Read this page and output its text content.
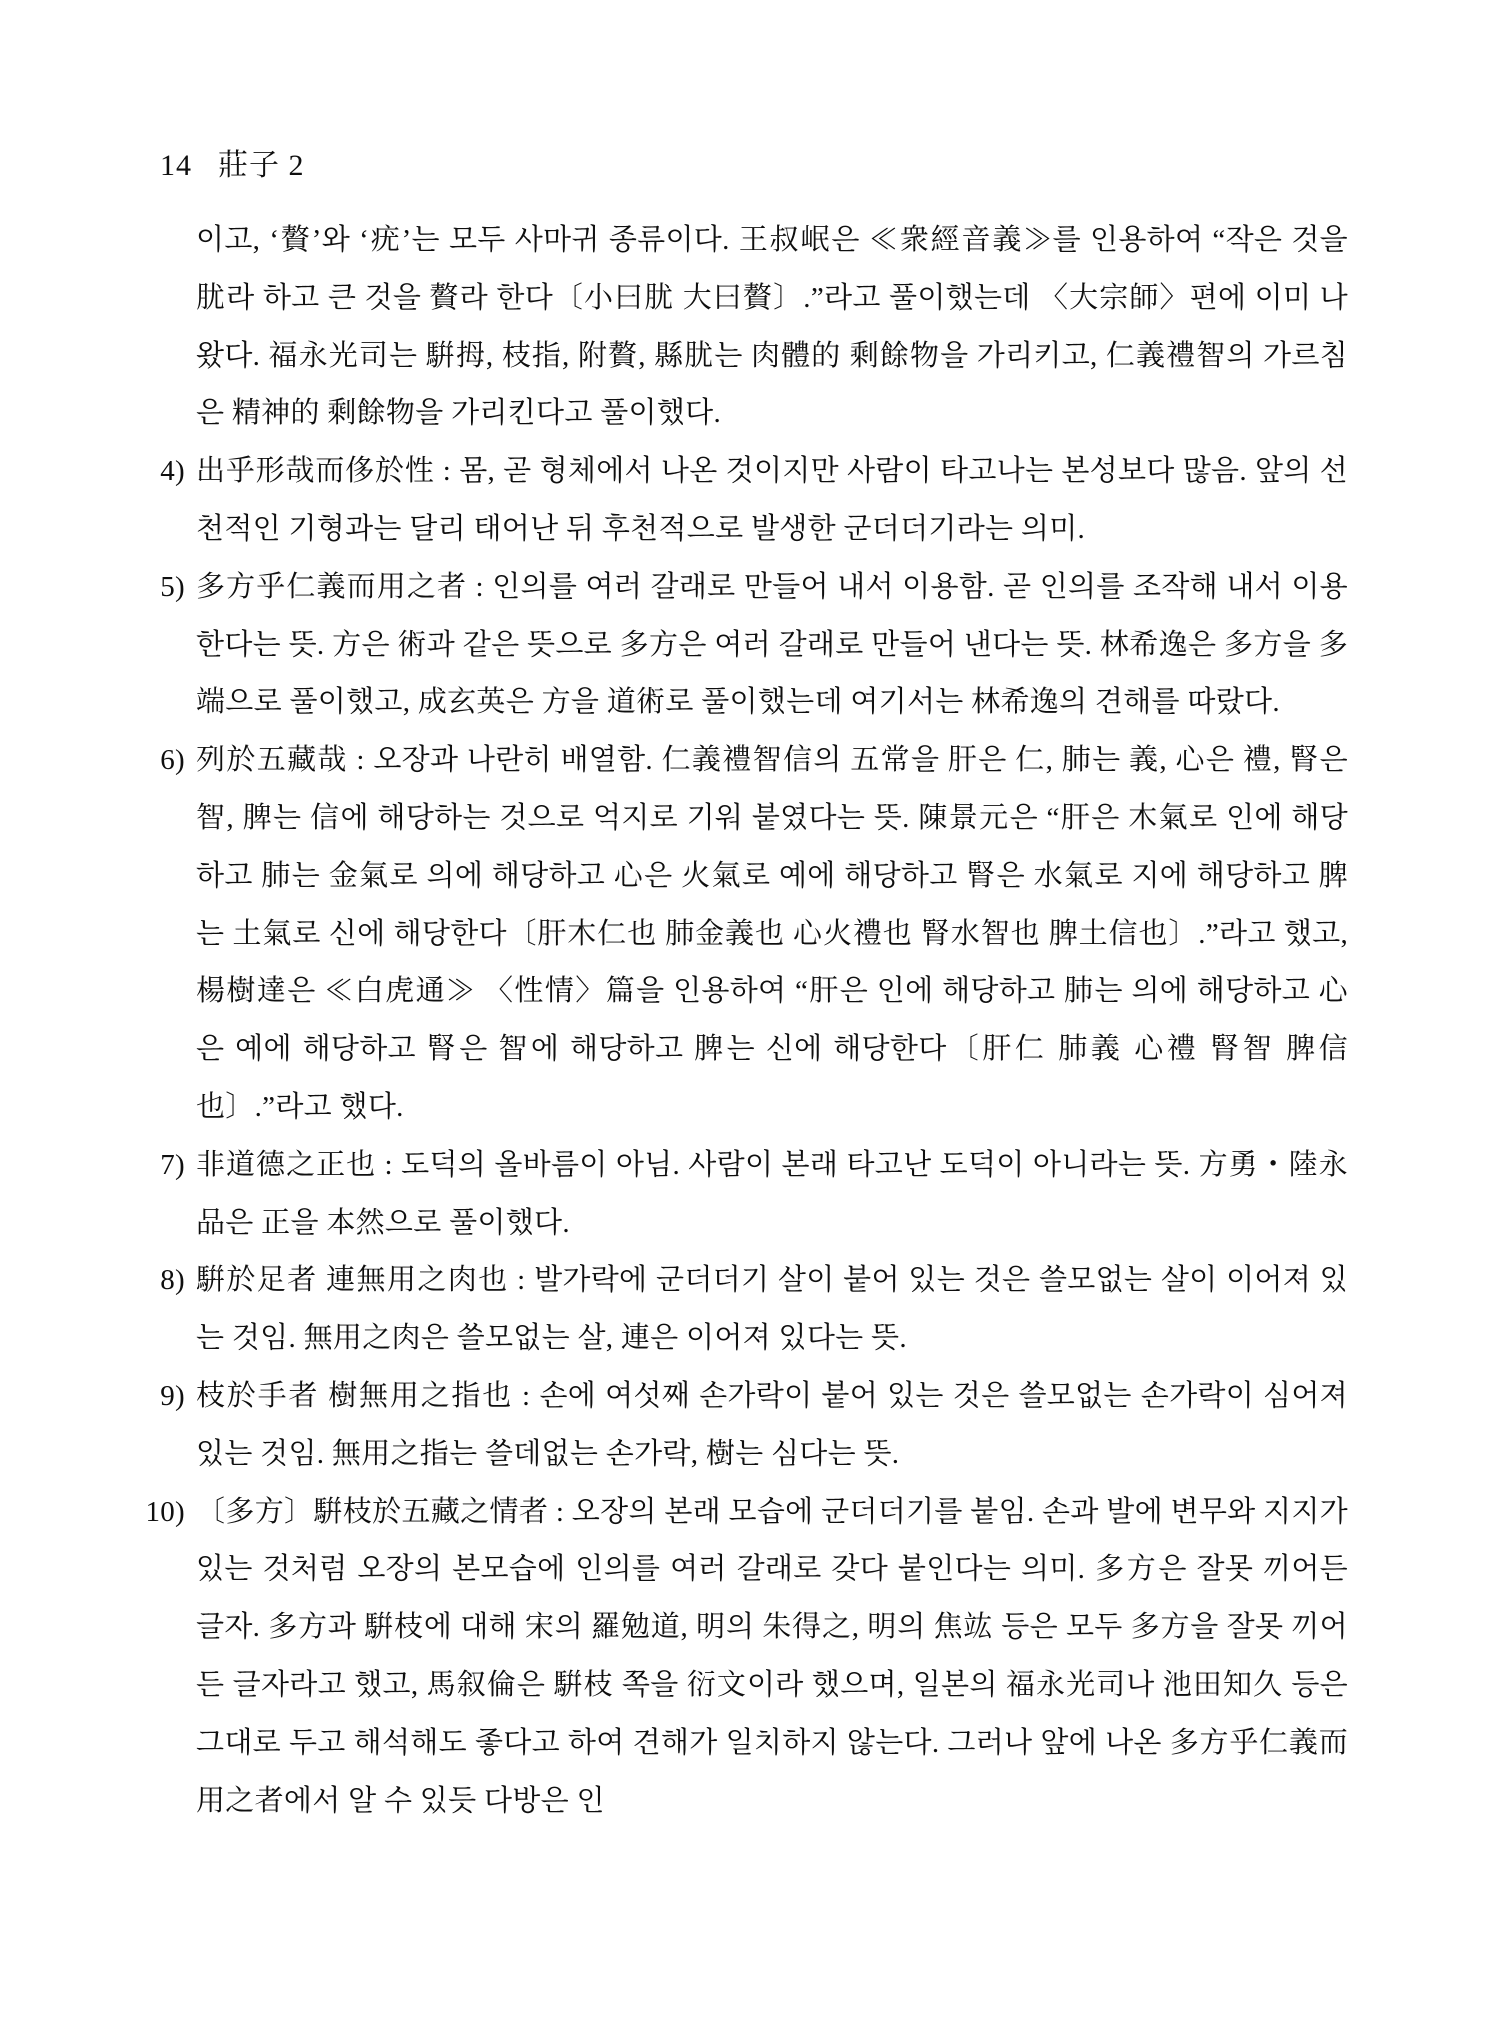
14 莊子 2
이고, ‘贅’와 ‘疣’는 모두 사마귀 종류이다. 王叔岷은 ≪衆經音義≫를 인용하여 “작은 것을 肬라 하고 큰 것을 贅라 한다〔小曰肬 大曰贅〕.”라고 풀이했는데 〈大宗師〉편에 이미 나왔다. 福永光司는 騈拇, 枝指, 附贅, 縣肬는 肉體的 剩餘物을 가리키고, 仁義禮智의 가르침은 精神的 剩餘物을 가리킨다고 풀이했다.
4) 出乎形哉而侈於性 : 몸, 곧 형체에서 나온 것이지만 사람이 타고나는 본성보다 많음. 앞의 선천적인 기형과는 달리 태어난 뒤 후천적으로 발생한 군더더기라는 의미.
5) 多方乎仁義而用之者 : 인의를 여러 갈래로 만들어 내서 이용함. 곧 인의를 조작해 내서 이용한다는 뜻. 方은 術과 같은 뜻으로 多方은 여러 갈래로 만들어 낸다는 뜻. 林希逸은 多方을 多端으로 풀이했고, 成玄英은 方을 道術로 풀이했는데 여기서는 林希逸의 견해를 따랐다.
6) 列於五藏哉 : 오장과 나란히 배열함. 仁義禮智信의 五常을 肝은 仁, 肺는 義, 心은 禮, 腎은 智, 脾는 信에 해당하는 것으로 억지로 기워 붙였다는 뜻. 陳景元은 “肝은 木氣로 인에 해당하고 肺는 金氣로 의에 해당하고 心은 火氣로 예에 해당하고 腎은 水氣로 지에 해당하고 脾는 土氣로 신에 해당한다〔肝木仁也 肺金義也 心火禮也 腎水智也 脾土信也〕.”라고 했고, 楊樹達은 ≪白虎通≫ 〈性情〉篇을 인용하여 “肝은 인에 해당하고 肺는 의에 해당하고 心은 예에 해당하고 腎은 智에 해당하고 脾는 신에 해당한다〔肝仁 肺義 心禮 腎智 脾信也〕.”라고 했다.
7) 非道德之正也 : 도덕의 올바름이 아님. 사람이 본래 타고난 도덕이 아니라는 뜻. 方勇・陸永品은 正을 本然으로 풀이했다.
8) 騈於足者 連無用之肉也 : 발가락에 군더더기 살이 붙어 있는 것은 쓸모없는 살이 이어져 있는 것임. 無用之肉은 쓸모없는 살, 連은 이어져 있다는 뜻.
9) 枝於手者 樹無用之指也 : 손에 여섯째 손가락이 붙어 있는 것은 쓸모없는 손가락이 심어져 있는 것임. 無用之指는 쓸데없는 손가락, 樹는 심다는 뜻.
10) 〔多方〕騈枝於五藏之情者 : 오장의 본래 모습에 군더더기를 붙임. 손과 발에 변무와 지지가 있는 것처럼 오장의 본모습에 인의를 여러 갈래로 갖다 붙인다는 의미. 多方은 잘못 끼어든 글자. 多方과 騈枝에 대해 宋의 羅勉道, 明의 朱得之, 明의 焦竑 등은 모두 多方을 잘못 끼어든 글자라고 했고, 馬叙倫은 騈枝 쪽을 衍文이라 했으며, 일본의 福永光司나 池田知久 등은 그대로 두고 해석해도 좋다고 하여 견해가 일치하지 않는다. 그러나 앞에 나온 多方乎仁義而用之者에서 알 수 있듯 다방은 인
